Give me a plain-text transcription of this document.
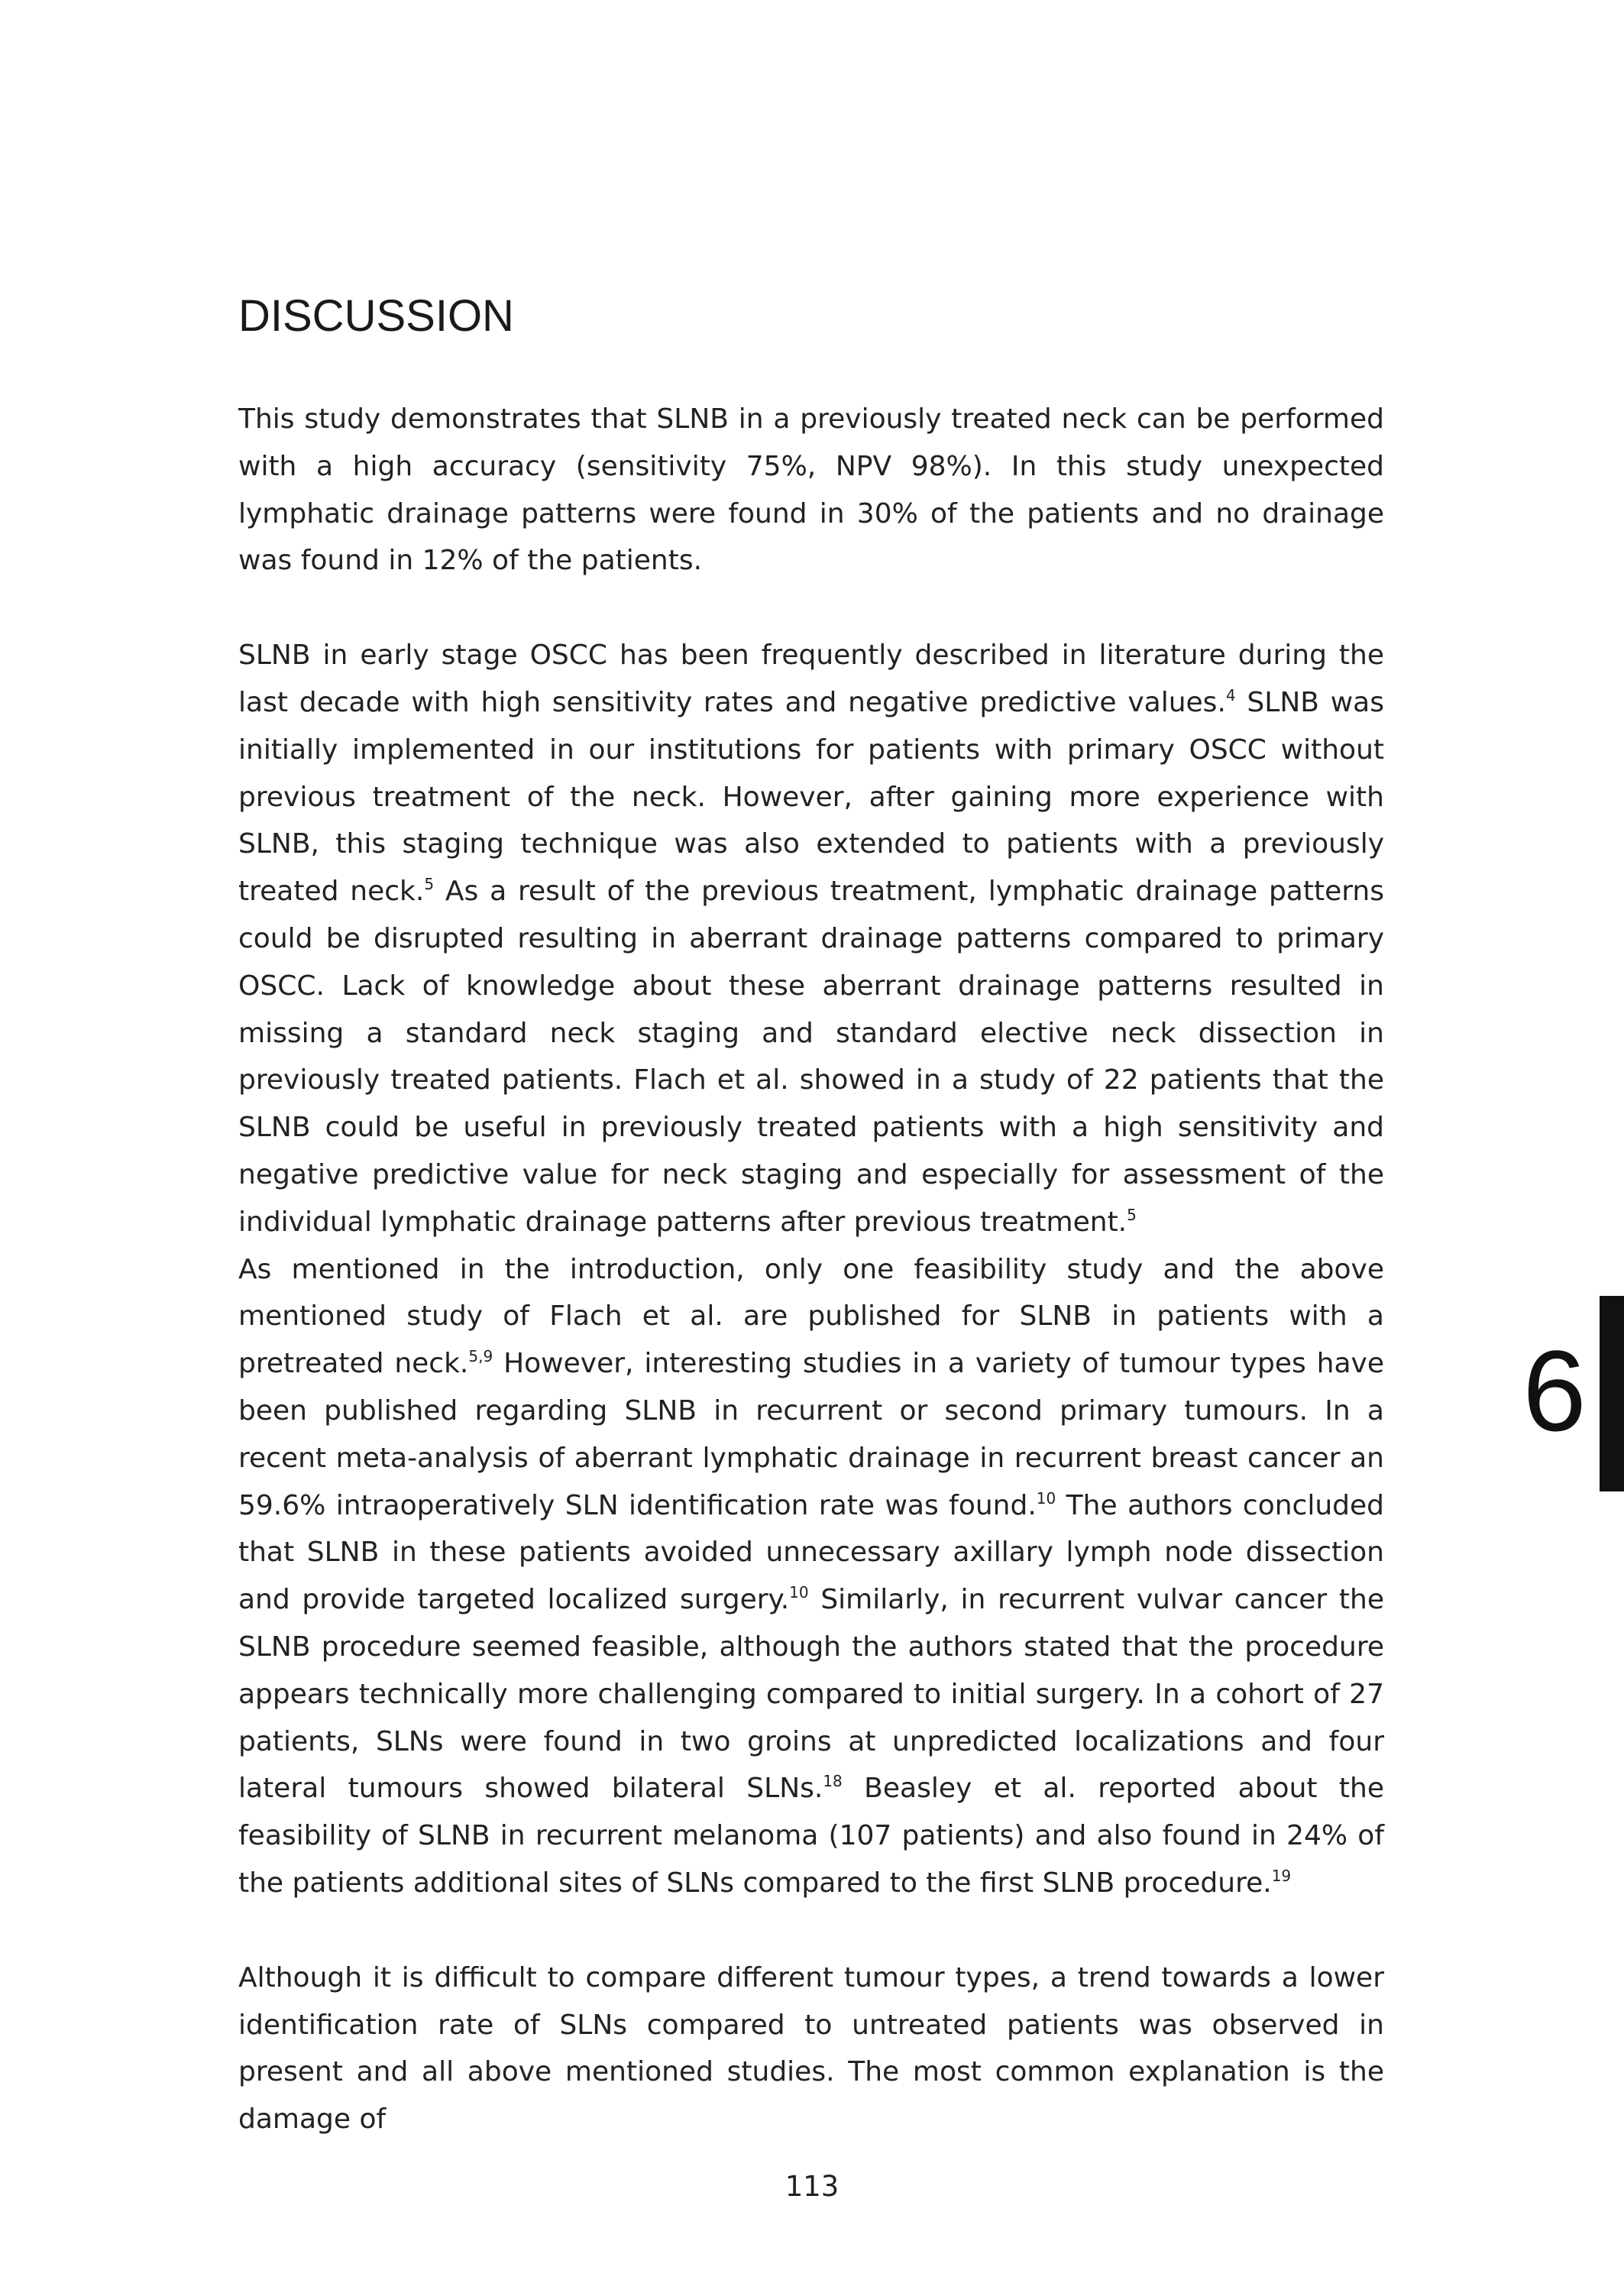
DISCUSSION

This study demonstrates that SLNB in a previously treated neck can be performed with a high accuracy (sensitivity 75%, NPV 98%). In this study unexpected lymphatic drainage patterns were found in 30% of the patients and no drainage was found in 12% of the patients.

SLNB in early stage OSCC has been frequently described in literature during the last decade with high sensitivity rates and negative predictive values.$^4$ SLNB was initially implemented in our institutions for patients with primary OSCC without previous treatment of the neck. However, after gaining more experience with SLNB, this staging technique was also extended to patients with a previously treated neck.$^5$ As a result of the previous treatment, lymphatic drainage patterns could be disrupted resulting in aberrant drainage patterns compared to primary OSCC. Lack of knowledge about these aberrant drainage patterns resulted in missing a standard neck staging and standard elective neck dissection in previously treated patients. Flach et al. showed in a study of 22 patients that the SLNB could be useful in previously treated patients with a high sensitivity and negative predictive value for neck staging and especially for assessment of the individual lymphatic drainage patterns after previous treatment.$^5$

As mentioned in the introduction, only one feasibility study and the above mentioned study of Flach et al. are published for SLNB in patients with a pretreated neck.$^{5,9}$ However, interesting studies in a variety of tumour types have been published regarding SLNB in recurrent or second primary tumours. In a recent meta-analysis of aberrant lymphatic drainage in recurrent breast cancer an 59.6% intraoperatively SLN identification rate was found.$^{10}$ The authors concluded that SLNB in these patients avoided unnecessary axillary lymph node dissection and provide targeted localized surgery.$^{10}$ Similarly, in recurrent vulvar cancer the SLNB procedure seemed feasible, although the authors stated that the procedure appears technically more challenging compared to initial surgery. In a cohort of 27 patients, SLNs were found in two groins at unpredicted localizations and four lateral tumours showed bilateral SLNs.$^{18}$ Beasley et al. reported about the feasibility of SLNB in recurrent melanoma (107 patients) and also found in 24% of the patients additional sites of SLNs compared to the first SLNB procedure.$^{19}$

Although it is difficult to compare different tumour types, a trend towards a lower identification rate of SLNs compared to untreated patients was observed in present and all above mentioned studies. The most common explanation is the damage of

6
113
